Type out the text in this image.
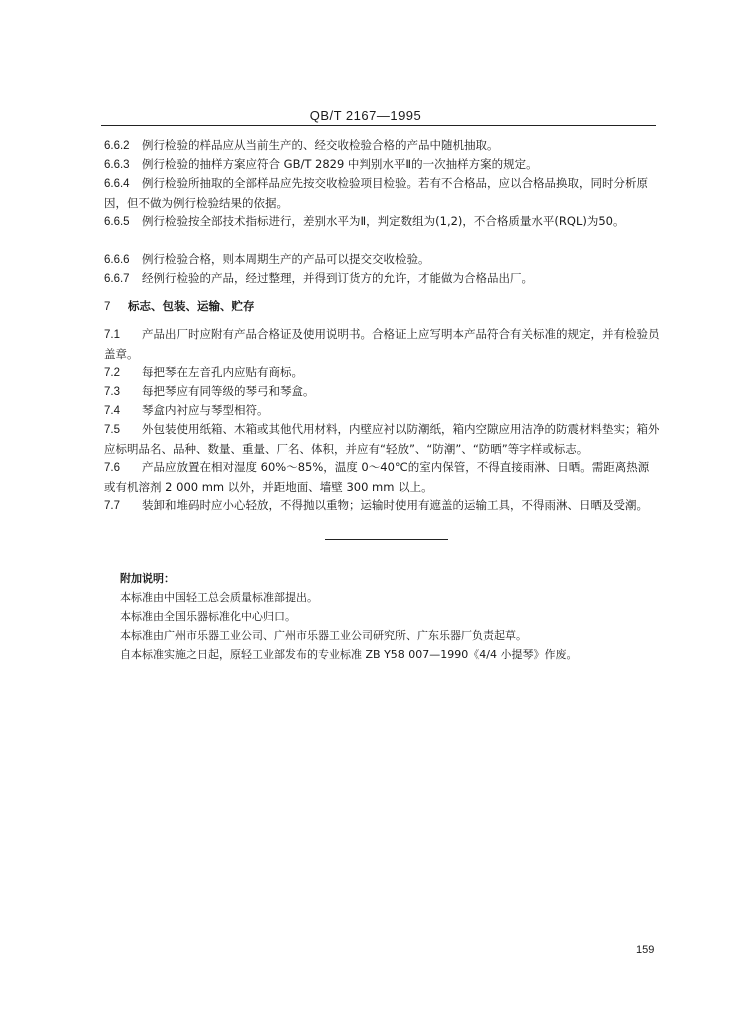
QB/T 2167—1995
6.6.2 例行检验的样品应从当前生产的、经交收检验合格的产品中随机抽取。
6.6.3 例行检验的抽样方案应符合 GB/T 2829 中判别水平Ⅱ的一次抽样方案的规定。
6.6.4 例行检验所抽取的全部样品应先按交收检验项目检验。若有不合格品，应以合格品换取，同时分析原因，但不做为例行检验结果的依据。
6.6.5 例行检验按全部技术指标进行，差别水平为Ⅱ，判定数组为(1,2)，不合格质量水平(RQL)为50。
6.6.6 例行检验合格，则本周期生产的产品可以提交交收检验。
6.6.7 经例行检验的产品，经过整理，并得到订货方的允许，才能做为合格品出厂。
7 标志、包装、运输、贮存
7.1 产品出厂时应附有产品合格证及使用说明书。合格证上应写明本产品符合有关标准的规定，并有检验员盖章。
7.2 每把琴在左音孔内应贴有商标。
7.3 每把琴应有同等级的琴弓和琴盒。
7.4 琴盒内衬应与琴型相符。
7.5 外包装使用纸箱、木箱或其他代用材料，内壁应衬以防潮纸，箱内空隙应用洁净的防震材料垫实；箱外应标明品名、品种、数量、重量、厂名、体积，并应有“轻放”、“防潮”、“防晒”等字样或标志。
7.6 产品应放置在相对湿度 60%～85%，温度 0～40℃的室内保管，不得直接雨淋、日晒。需距离热源或有机溶剂 2 000 mm 以外，并距地面、墙壁 300 mm 以上。
7.7 装卸和堆码时应小心轻放，不得抛以重物；运输时使用有遮盖的运输工具，不得雨淋、日晒及受潮。
附加说明：
本标准由中国轻工总会质量标准部提出。
本标准由全国乐器标准化中心归口。
本标准由广州市乐器工业公司、广州市乐器工业公司研究所、广东乐器厂负责起草。
自本标准实施之日起，原轻工业部发布的专业标准 ZB Y58 007—1990《4/4 小提琴》作废。
159
